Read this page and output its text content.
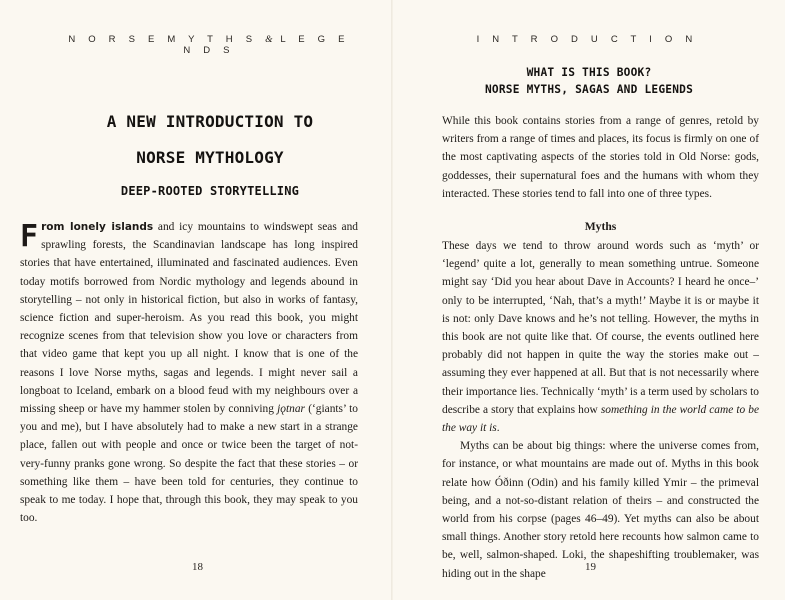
N O R S E M Y T H S & L E G E N D S
A NEW INTRODUCTION TO
NORSE MYTHOLOGY
DEEP-ROOTED STORYTELLING

From lonely islands and icy mountains to windswept seas and sprawling forests, the Scandinavian landscape has long inspired stories that have entertained, illuminated and fascinated audiences. Even today motifs borrowed from Nordic mythology and legends abound in storytelling – not only in historical fiction, but also in works of fantasy, science fiction and super-heroism. As you read this book, you might recognize scenes from that television show you love or characters from that video game that kept you up all night. I know that is one of the reasons I love Norse myths, sagas and legends. I might never sail a longboat to Iceland, embark on a blood feud with my neighbours over a missing sheep or have my hammer stolen by conniving jǫtnar (‘giants’ to you and me), but I have absolutely had to make a new start in a strange place, fallen out with people and once or twice been the target of not-very-funny pranks gone wrong. So despite the fact that these stories – or something like them – have been told for centuries, they continue to speak to me today. I hope that, through this book, they may speak to you too.

18
I N T R O D U C T I O N
WHAT IS THIS BOOK?
NORSE MYTHS, SAGAS AND LEGENDS

While this book contains stories from a range of genres, retold by writers from a range of times and places, its focus is firmly on one of the most captivating aspects of the stories told in Old Norse: gods, goddesses, their supernatural foes and the humans with whom they interacted. These stories tend to fall into one of three types.

Myths

These days we tend to throw around words such as ‘myth’ or ‘legend’ quite a lot, generally to mean something untrue. Someone might say ‘Did you hear about Dave in Accounts? I heard he once–’ only to be interrupted, ‘Nah, that’s a myth!’ Maybe it is or maybe it is not: only Dave knows and he’s not telling. However, the myths in this book are not quite like that. Of course, the events outlined here probably did not happen in quite the way the stories make out – assuming they ever happened at all. But that is not necessarily where their importance lies. Technically ‘myth’ is a term used by scholars to describe a story that explains how something in the world came to be the way it is.

Myths can be about big things: where the universe comes from, for instance, or what mountains are made out of. Myths in this book relate how Óðinn (Odin) and his family killed Ymir – the primeval being, and a not-so-distant relation of theirs – and constructed the world from his corpse (pages 46–49). Yet myths can also be about small things. Another story retold here recounts how salmon came to be, well, salmon-shaped. Loki, the shapeshifting troublemaker, was hiding out in the shape

19
